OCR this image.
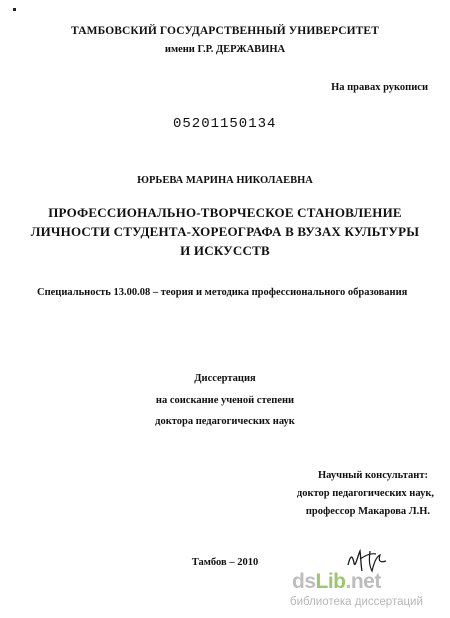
ТАМБОВСКИЙ ГОСУДАРСТВЕННЫЙ УНИВЕРСИТЕТ
имени Г.Р. ДЕРЖАВИНА
На правах рукописи
05201150134
ЮРЬЕВА МАРИНА НИКОЛАЕВНА
ПРОФЕССИОНАЛЬНО-ТВОРЧЕСКОЕ СТАНОВЛЕНИЕ
ЛИЧНОСТИ СТУДЕНТА-ХОРЕОГРАФА В ВУЗАХ КУЛЬТУРЫ
И ИСКУССТВ
Специальность 13.00.08 – теория и методика профессионального образования
Диссертация
на соискание ученой степени
доктора педагогических наук
Научный консультант:
доктор педагогических наук,
профессор Макарова Л.Н.
Тамбов – 2010
dsLib.net
библиотека диссертаций
